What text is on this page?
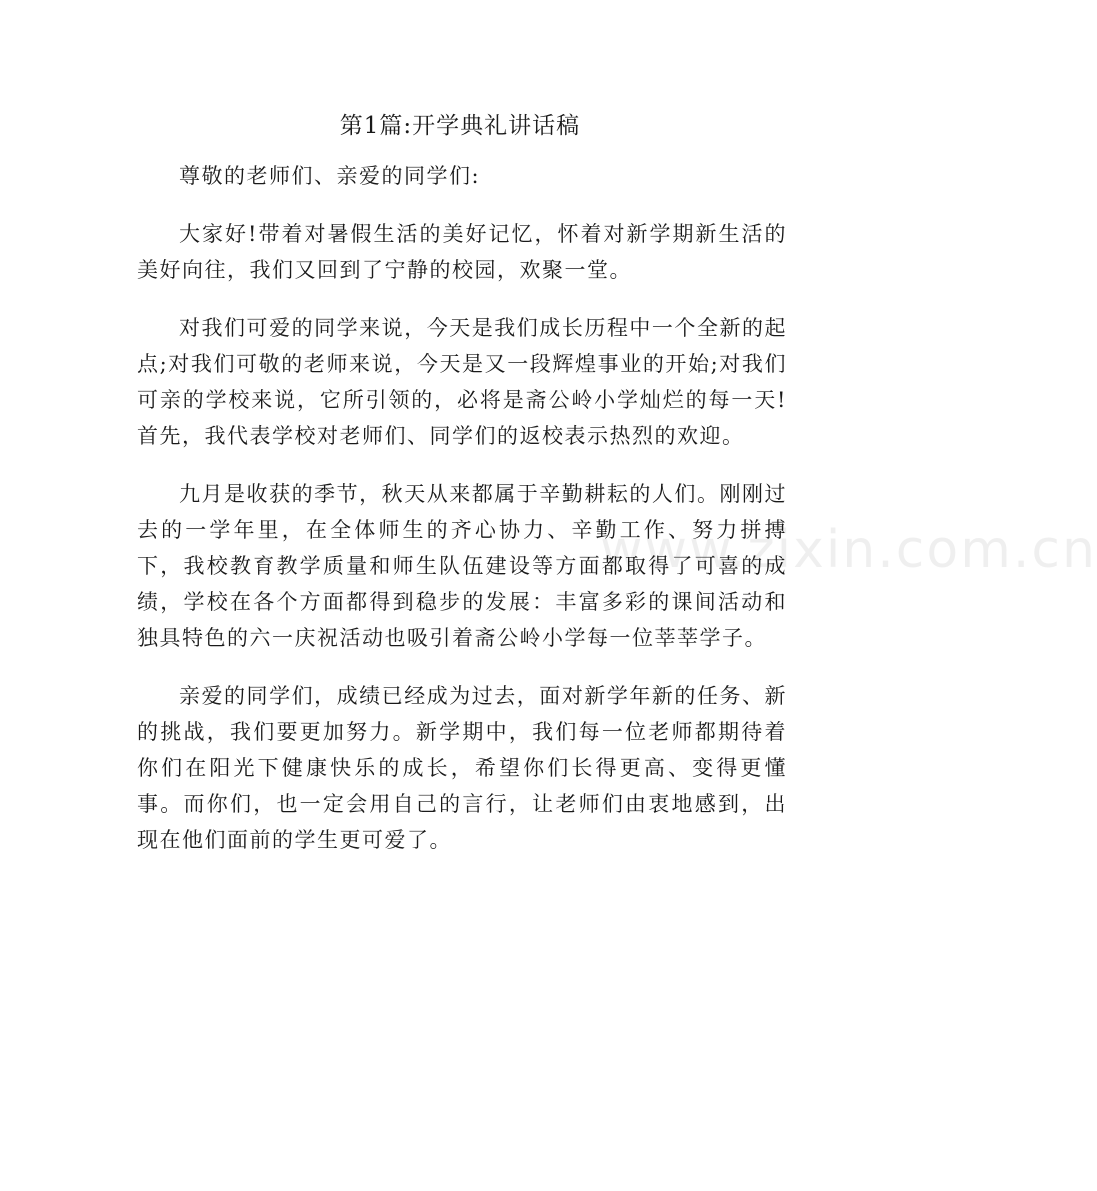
第1篇:开学典礼讲话稿

尊敬的老师们、亲爱的同学们:

大家好!带着对暑假生活的美好记忆，怀着对新学期新生活的美好向往，我们又回到了宁静的校园，欢聚一堂。

对我们可爱的同学来说，今天是我们成长历程中一个全新的起点;对我们可敬的老师来说，今天是又一段辉煌事业的开始;对我们可亲的学校来说，它所引领的，必将是斋公岭小学灿烂的每一天!首先，我代表学校对老师们、同学们的返校表示热烈的欢迎。

九月是收获的季节，秋天从来都属于辛勤耕耘的人们。刚刚过去的一学年里，在全体师生的齐心协力、辛勤工作、努力拼搏下，我校教育教学质量和师生队伍建设等方面都取得了可喜的成绩，学校在各个方面都得到稳步的发展：丰富多彩的课间活动和独具特色的六一庆祝活动也吸引着斋公岭小学每一位莘莘学子。

亲爱的同学们，成绩已经成为过去，面对新学年新的任务、新的挑战，我们要更加努力。新学期中，我们每一位老师都期待着你们在阳光下健康快乐的成长，希望你们长得更高、变得更懂事。而你们，也一定会用自己的言行，让老师们由衷地感到，出现在他们面前的学生更可爱了。

www.zixin.com.cn
